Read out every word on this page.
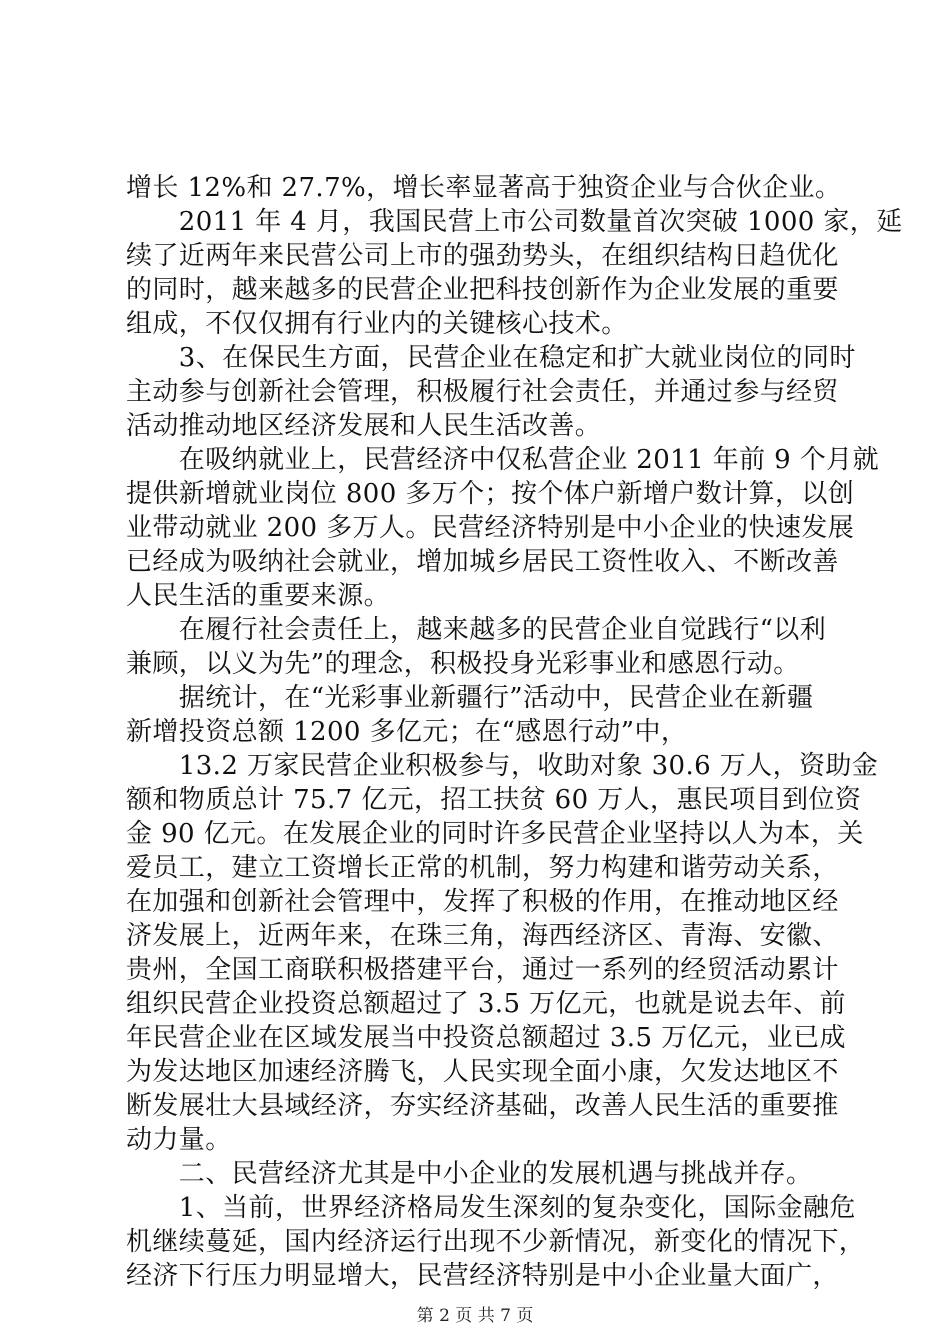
增长 12%和 27.7%，增长率显著高于独资企业与合伙企业。
　　2011 年 4 月，我国民营上市公司数量首次突破 1000 家，延
续了近两年来民营公司上市的强劲势头，在组织结构日趋优化
的同时，越来越多的民营企业把科技创新作为企业发展的重要
组成，不仅仅拥有行业内的关键核心技术。
　　3、在保民生方面，民营企业在稳定和扩大就业岗位的同时
主动参与创新社会管理，积极履行社会责任，并通过参与经贸
活动推动地区经济发展和人民生活改善。
　　在吸纳就业上，民营经济中仅私营企业 2011 年前 9 个月就
提供新增就业岗位 800 多万个；按个体户新增户数计算，以创
业带动就业 200 多万人。民营经济特别是中小企业的快速发展
已经成为吸纳社会就业，增加城乡居民工资性收入、不断改善
人民生活的重要来源。
　　在履行社会责任上，越来越多的民营企业自觉践行“以利
兼顾，以义为先”的理念，积极投身光彩事业和感恩行动。
　　据统计，在“光彩事业新疆行”活动中，民营企业在新疆
新增投资总额 1200 多亿元；在“感恩行动”中，
　　13.2 万家民营企业积极参与，收助对象 30.6 万人，资助金
额和物质总计 75.7 亿元，招工扶贫 60 万人，惠民项目到位资
金 90 亿元。在发展企业的同时许多民营企业坚持以人为本，关
爱员工，建立工资增长正常的机制，努力构建和谐劳动关系，
在加强和创新社会管理中，发挥了积极的作用，在推动地区经
济发展上，近两年来，在珠三角，海西经济区、青海、安徽、
贵州，全国工商联积极搭建平台，通过一系列的经贸活动累计
组织民营企业投资总额超过了 3.5 万亿元，也就是说去年、前
年民营企业在区域发展当中投资总额超过 3.5 万亿元，业已成
为发达地区加速经济腾飞，人民实现全面小康，欠发达地区不
断发展壮大县域经济，夯实经济基础，改善人民生活的重要推
动力量。
　　二、民营经济尤其是中小企业的发展机遇与挑战并存。
　　1、当前，世界经济格局发生深刻的复杂变化，国际金融危
机继续蔓延，国内经济运行出现不少新情况，新变化的情况下，
经济下行压力明显增大，民营经济特别是中小企业量大面广，
第 2 页 共 7 页
